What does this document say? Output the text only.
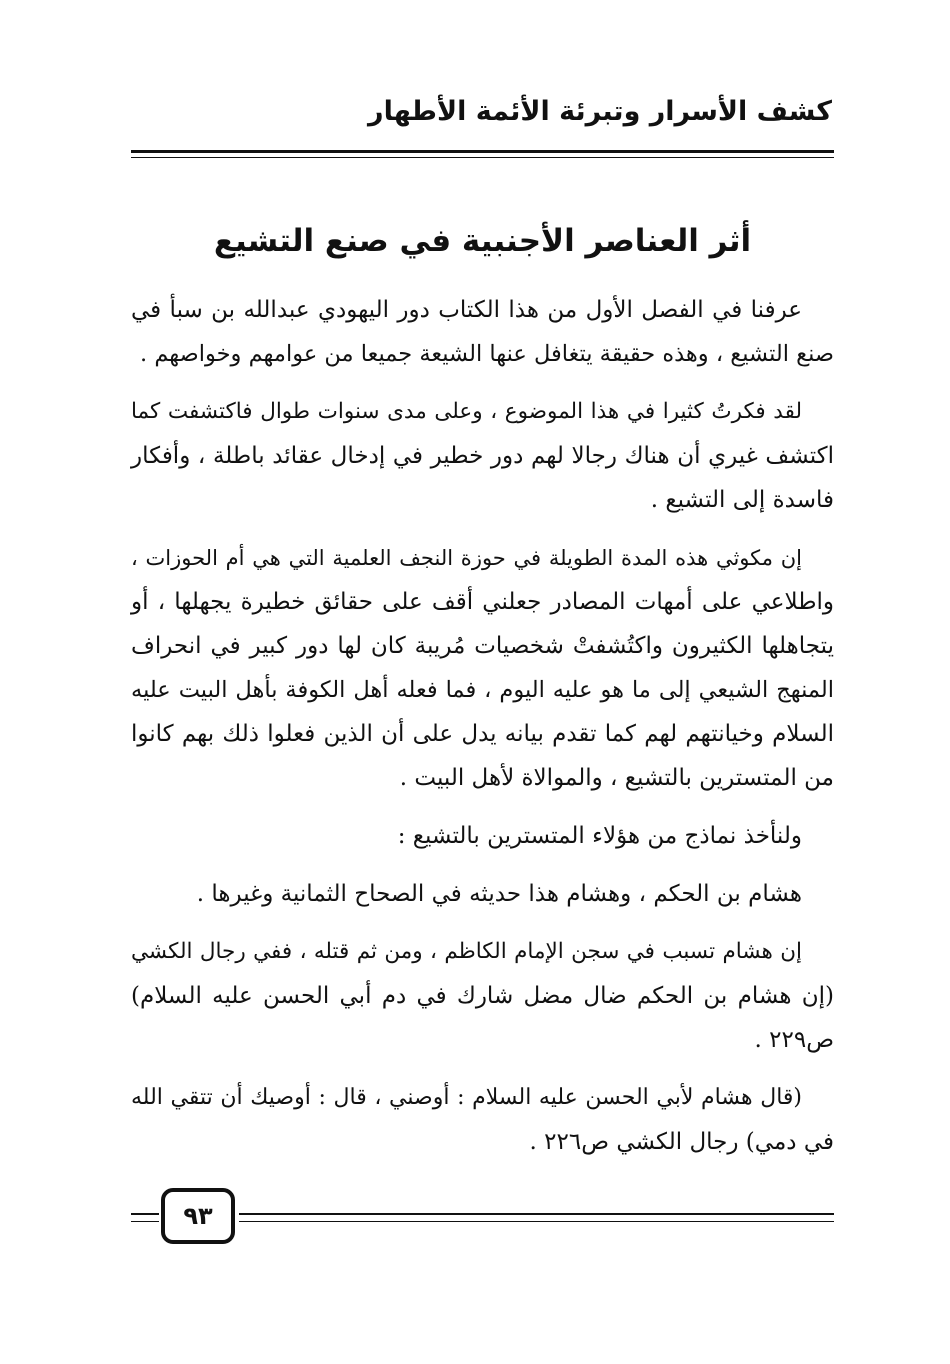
كشف الأسرار وتبرئة الأئمة الأطهار
أثر العناصر الأجنبية في صنع التشيع
عرفنا في الفصل الأول من هذا الكتاب دور اليهودي عبدالله بن سبأ في
صنع التشيع ، وهذه حقيقة يتغافل عنها الشيعة جميعا من عوامهم وخواصهم .
لقد فكرتُ كثيرا في هذا الموضوع ، وعلى مدى سنوات طوال فاكتشفت كما
اكتشف غيري أن هناك رجالا لهم دور خطير في إدخال عقائد باطلة ، وأفكار
فاسدة إلى التشيع .
إن مكوثي هذه المدة الطويلة في حوزة النجف العلمية التي هي أم الحوزات ،
واطلاعي على أمهات المصادر جعلني أقف على حقائق خطيرة يجهلها ، أو
يتجاهلها الكثيرون واكتُشفتْ شخصيات مُريبة كان لها دور كبير في انحراف
المنهج الشيعي إلى ما هو عليه اليوم ، فما فعله أهل الكوفة بأهل البيت عليه
السلام وخيانتهم لهم كما تقدم بيانه يدل على أن الذين فعلوا ذلك بهم كانوا
من المتسترين بالتشيع ، والموالاة لأهل البيت .
ولنأخذ نماذج من هؤلاء المتسترين بالتشيع :
هشام بن الحكم ، وهشام هذا حديثه في الصحاح الثمانية وغيرها .
إن هشام تسبب في سجن الإمام الكاظم ، ومن ثم قتله ، ففي رجال الكشي
(إن هشام بن الحكم ضال مضل شارك في دم أبي الحسن عليه السلام)
ص٢٢٩ .
(قال هشام لأبي الحسن عليه السلام : أوصني ، قال : أوصيك أن تتقي الله
في دمي) رجال الكشي ص٢٢٦ .
٩٣
